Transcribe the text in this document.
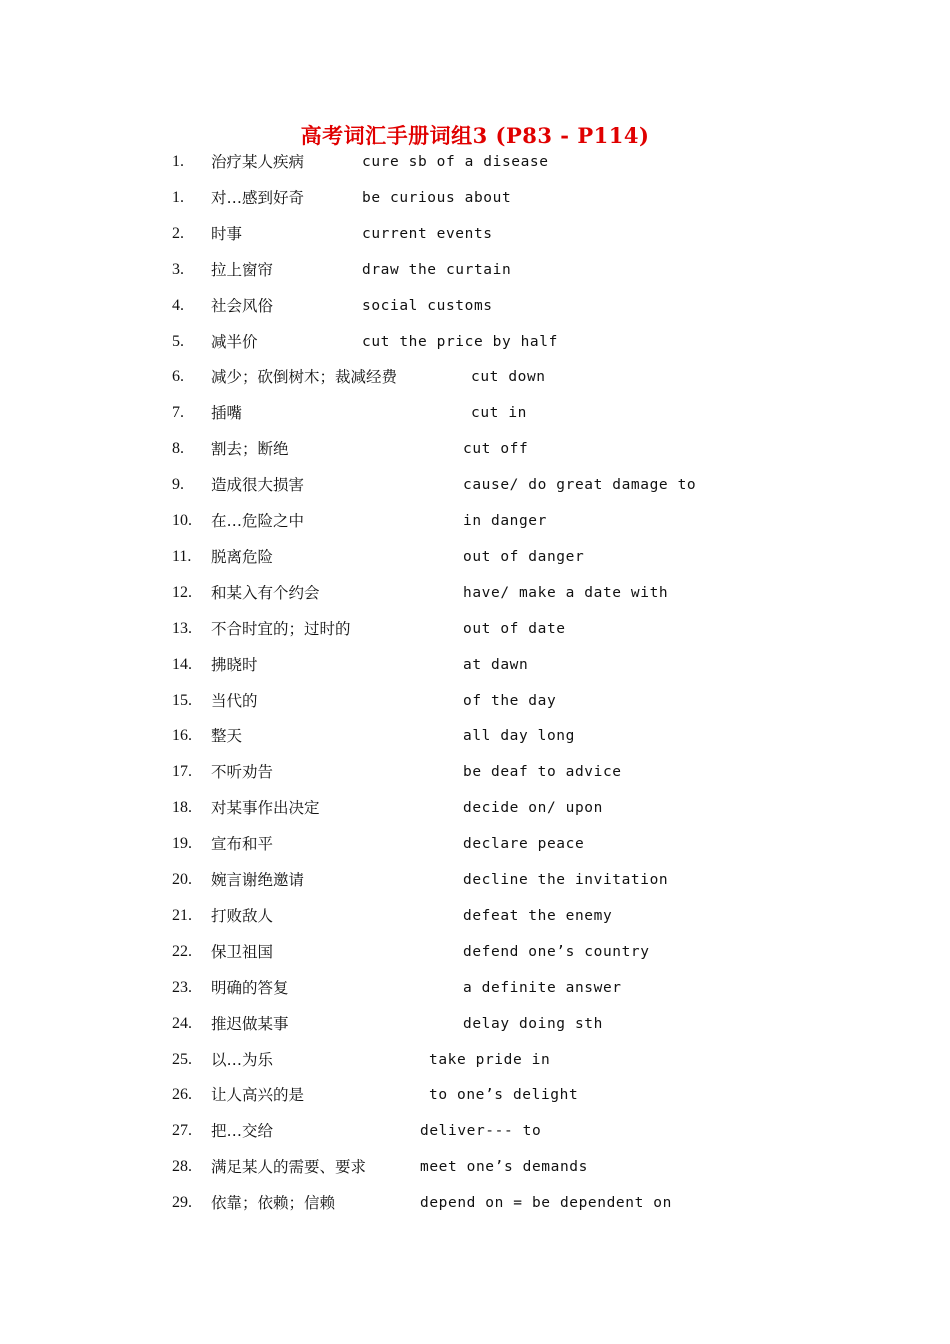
高考词汇手册词组3 (P83 - P114)
1. 治疗某人疾病	cure sb of a disease
1. 对…感到好奇	be curious about
2. 时事	current events
3. 拉上窗帘	draw the curtain
4. 社会风俗	social customs
5. 减半价	cut the price by half
6. 减少；砍倒树木；裁减经费	cut down
7. 插嘴	cut in
8. 割去；断绝	cut off
9. 造成很大损害	cause/ do great damage to
10. 在…危险之中	in danger
11. 脱离危险	out of danger
12. 和某入有个约会	have/ make a date with
13. 不合时宜的；过时的	out of date
14. 拂晓时	at dawn
15. 当代的	of the day
16. 整天	all day long
17. 不听劝告	be deaf to advice
18. 对某事作出决定	decide on/ upon
19. 宣布和平	declare peace
20. 婉言谢绝邀请	decline the invitation
21. 打败敌人	defeat the enemy
22. 保卫祖国	defend one’s country
23. 明确的答复	a definite answer
24. 推迟做某事	delay doing sth
25. 以…为乐	take pride in
26. 让人高兴的是	to one’s delight
27. 把…交给	deliver--- to
28. 满足某人的需要、要求	meet one’s demands
29. 依靠；依赖；信赖	depend on = be dependent on
